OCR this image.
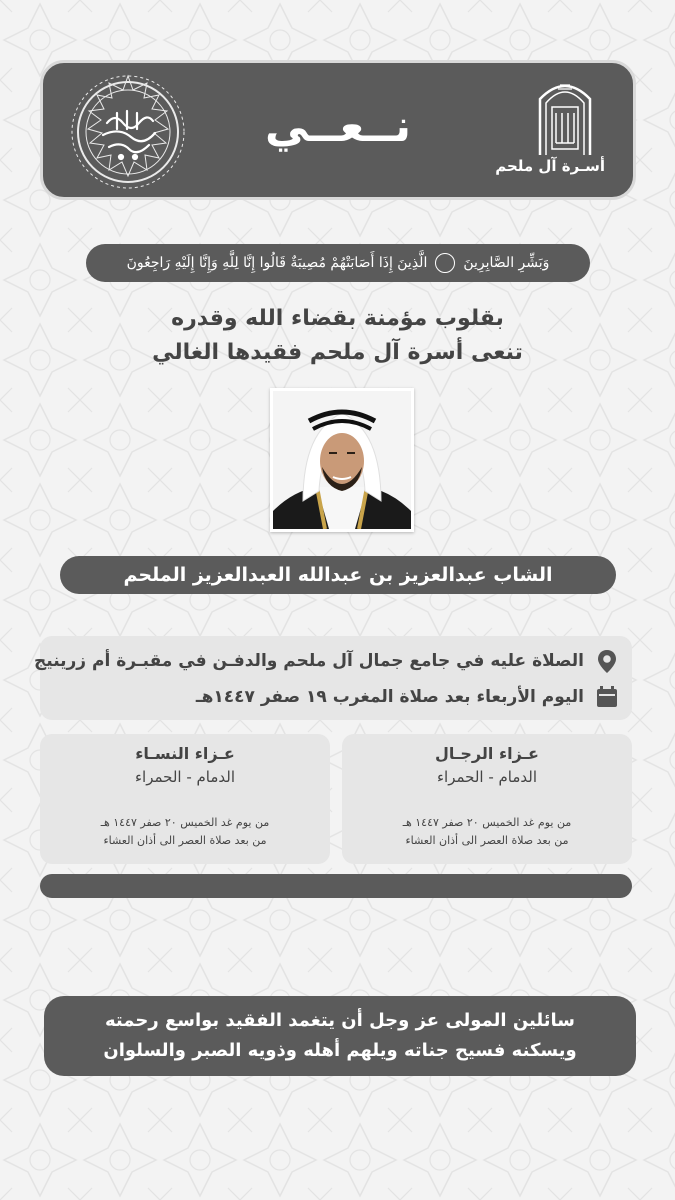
أسـرة آل ملحم
نــعــي
وَبَشِّرِ الصَّابِرِينَ
الَّذِينَ إِذَا أَصَابَتْهُمْ مُصِيبَةٌ قَالُوا إِنَّا لِلَّهِ وَإِنَّا إِلَيْهِ رَاجِعُونَ
بقلوب مؤمنة بقضاء الله وقدره
تنعى أسرة آل ملحم فقيدها الغالي
الشاب عبدالعزيز بن عبدالله العبدالعزيز الملحم
الصلاة عليه في جامع جمال آل ملحم والدفـن في مقبـرة أم زرينيج
اليوم الأربعاء بعد صلاة المغرب ١٩ صفر ١٤٤٧هـ
عـزاء الرجـال
الدمام - الحمراء
من يوم غد الخميس ٢٠ صفر ١٤٤٧ هـ
من بعد صلاة العصر الى أذان العشاء
عـزاء النسـاء
الدمام - الحمراء
من يوم غد الخميس ٢٠ صفر ١٤٤٧ هـ
من بعد صلاة العصر الى أذان العشاء
سائلين المولى عز وجل أن يتغمد الفقيد بواسع رحمته
ويسكنه فسيح جناته ويلهم أهله وذويه الصبر والسلوان
